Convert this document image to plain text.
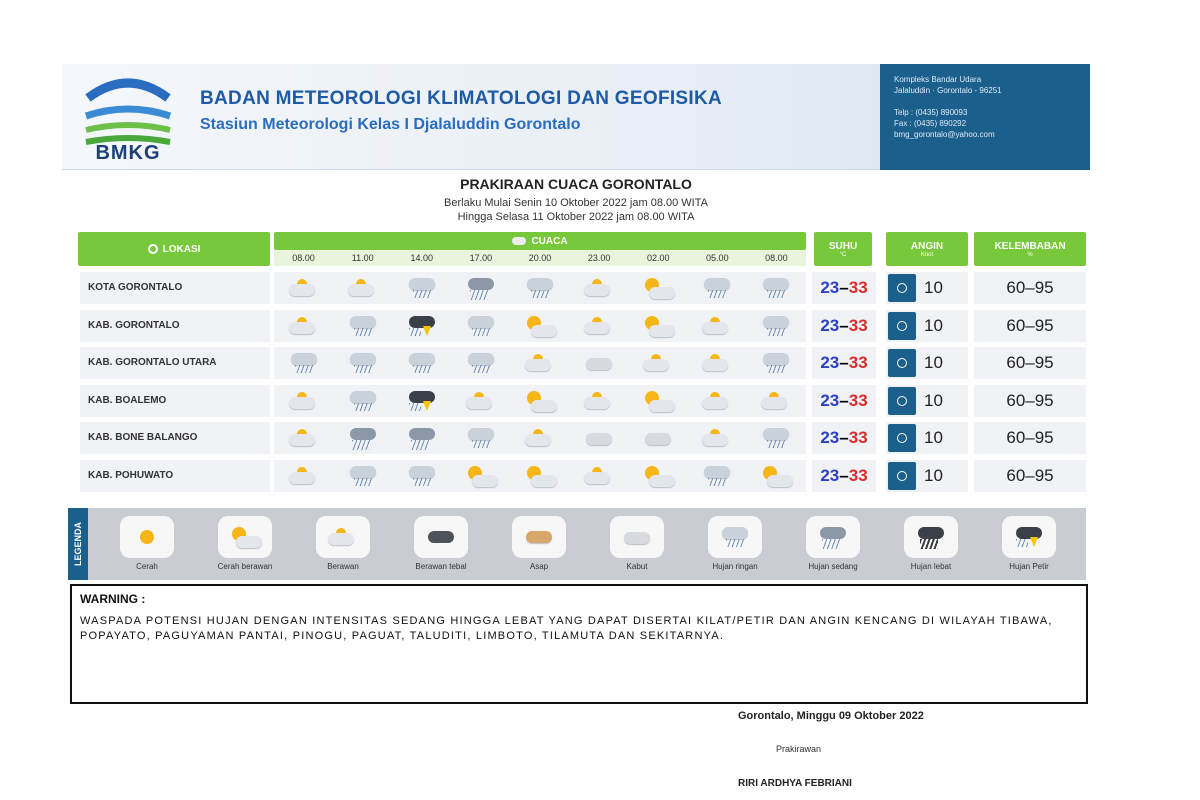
BMKG
BADAN METEOROLOGI KLIMATOLOGI DAN GEOFISIKA
Stasiun Meteorologi Kelas I Djalaluddin Gorontalo
Kompleks Bandar Udara
Jalaluddin · Gorontalo - 96251

Telp : (0435) 890093
Fax : (0435) 890292
bmg_gorontalo@yahoo.com
PRAKIRAAN CUACA GORONTALO
Berlaku Mulai Senin 10 Oktober 2022 jam 08.00 WITA
Hingga Selasa 11 Oktober 2022 jam 08.00 WITA
LOKASI
CUACA
08.00	11.00	14.00	17.00	20.00	23.00	02.00	05.00	08.00
SUHU
°C
ANGIN
Knot
KELEMBABAN
%
KOTA GORONTALO	23–33	10	60–95
KAB. GORONTALO	23–33	10	60–95
KAB. GORONTALO UTARA	23–33	10	60–95
KAB. BOALEMO	23–33	10	60–95
KAB. BONE BALANGO	23–33	10	60–95
KAB. POHUWATO	23–33	10	60–95
LEGENDA
Cerah	Cerah berawan	Berawan	Berawan tebal	Asap	Kabut	Hujan ringan	Hujan sedang	Hujan lebat	Hujan Petir
WARNING :
WASPADA POTENSI HUJAN DENGAN INTENSITAS SEDANG HINGGA LEBAT YANG DAPAT DISERTAI KILAT/PETIR DAN ANGIN KENCANG DI WILAYAH TIBAWA, POPAYATO, PAGUYAMAN PANTAI, PINOGU, PAGUAT, TALUDITI, LIMBOTO, TILAMUTA DAN SEKITARNYA.
Gorontalo, Minggu 09 Oktober 2022
Prakirawan
RIRI ARDHYA FEBRIANI
